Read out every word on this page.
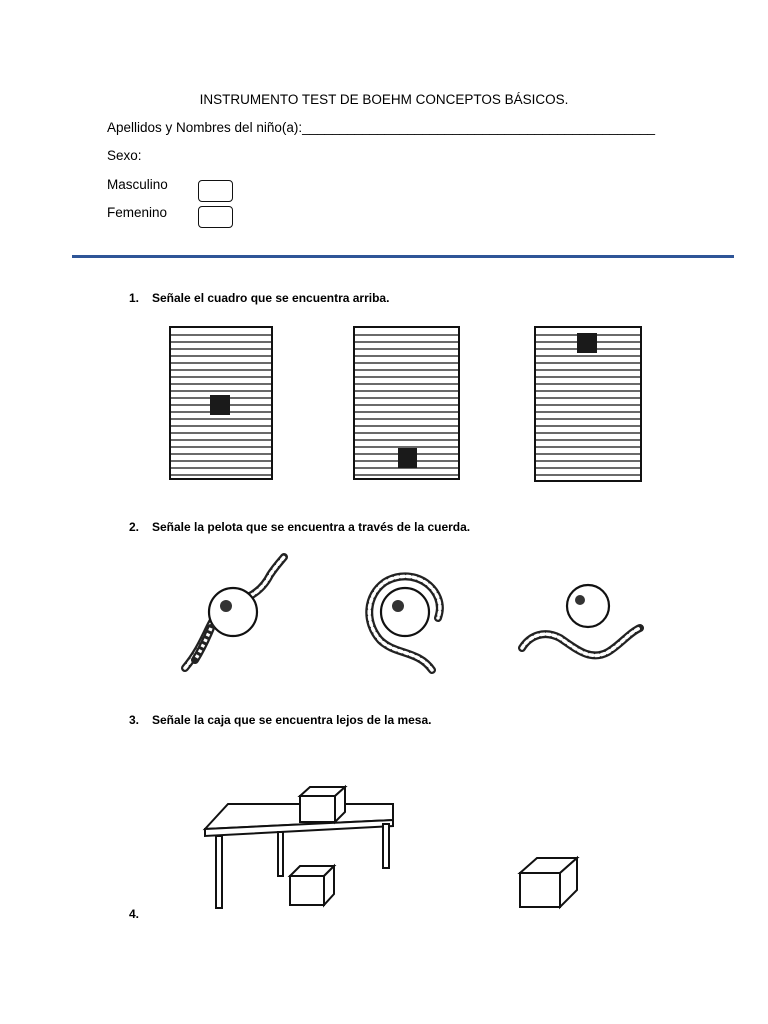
INSTRUMENTO TEST DE BOEHM CONCEPTOS BÁSICOS.
Apellidos y Nombres del niño(a):_______________________________________________
Sexo:
Masculino
Femenino
1. Señale el cuadro que se encuentra arriba.
2. Señale la pelota que se encuentra a través de la cuerda.
3. Señale la caja que se encuentra lejos de la mesa.
4.
